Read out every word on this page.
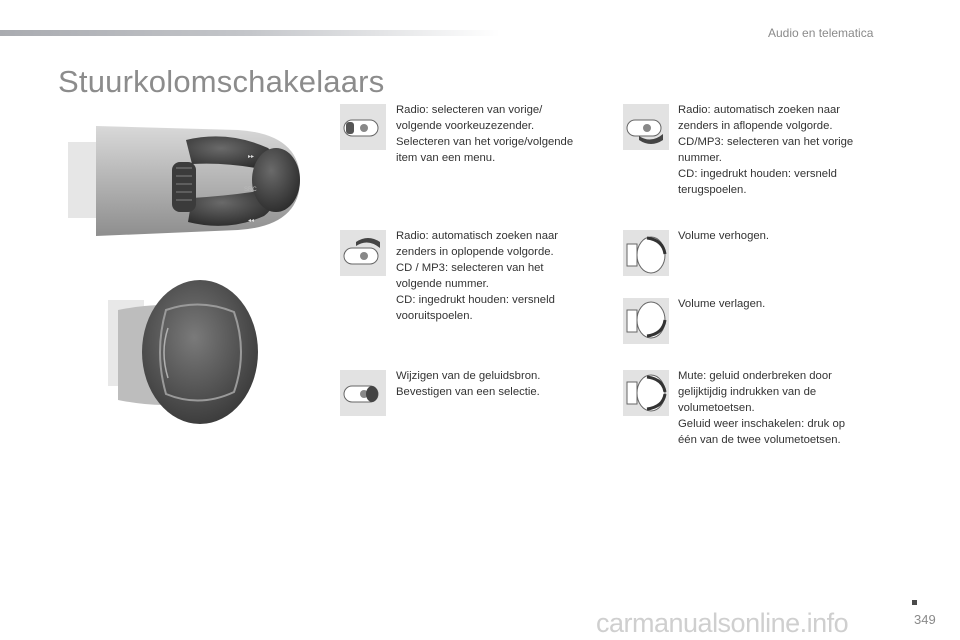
Audio en telematica
Stuurkolomschakelaars
▸▸
SRC
◂◂
Radio: selecteren van vorige/
volgende voorkeuzezender.
Selecteren van het vorige/volgende
item van een menu.
Radio: automatisch zoeken naar
zenders in aflopende volgorde.
CD/MP3: selecteren van het vorige
nummer.
CD: ingedrukt houden: versneld
terugspoelen.
Radio: automatisch zoeken naar
zenders in oplopende volgorde.
CD / MP3: selecteren van het
volgende nummer.
CD: ingedrukt houden: versneld
vooruitspoelen.
Volume verhogen.
Volume verlagen.
Wijzigen van de geluidsbron.
Bevestigen van een selectie.
Mute: geluid onderbreken door
gelijktijdig indrukken van de
volumetoetsen.
Geluid weer inschakelen: druk op
één van de twee volumetoetsen.
349
carmanualsonline.info
